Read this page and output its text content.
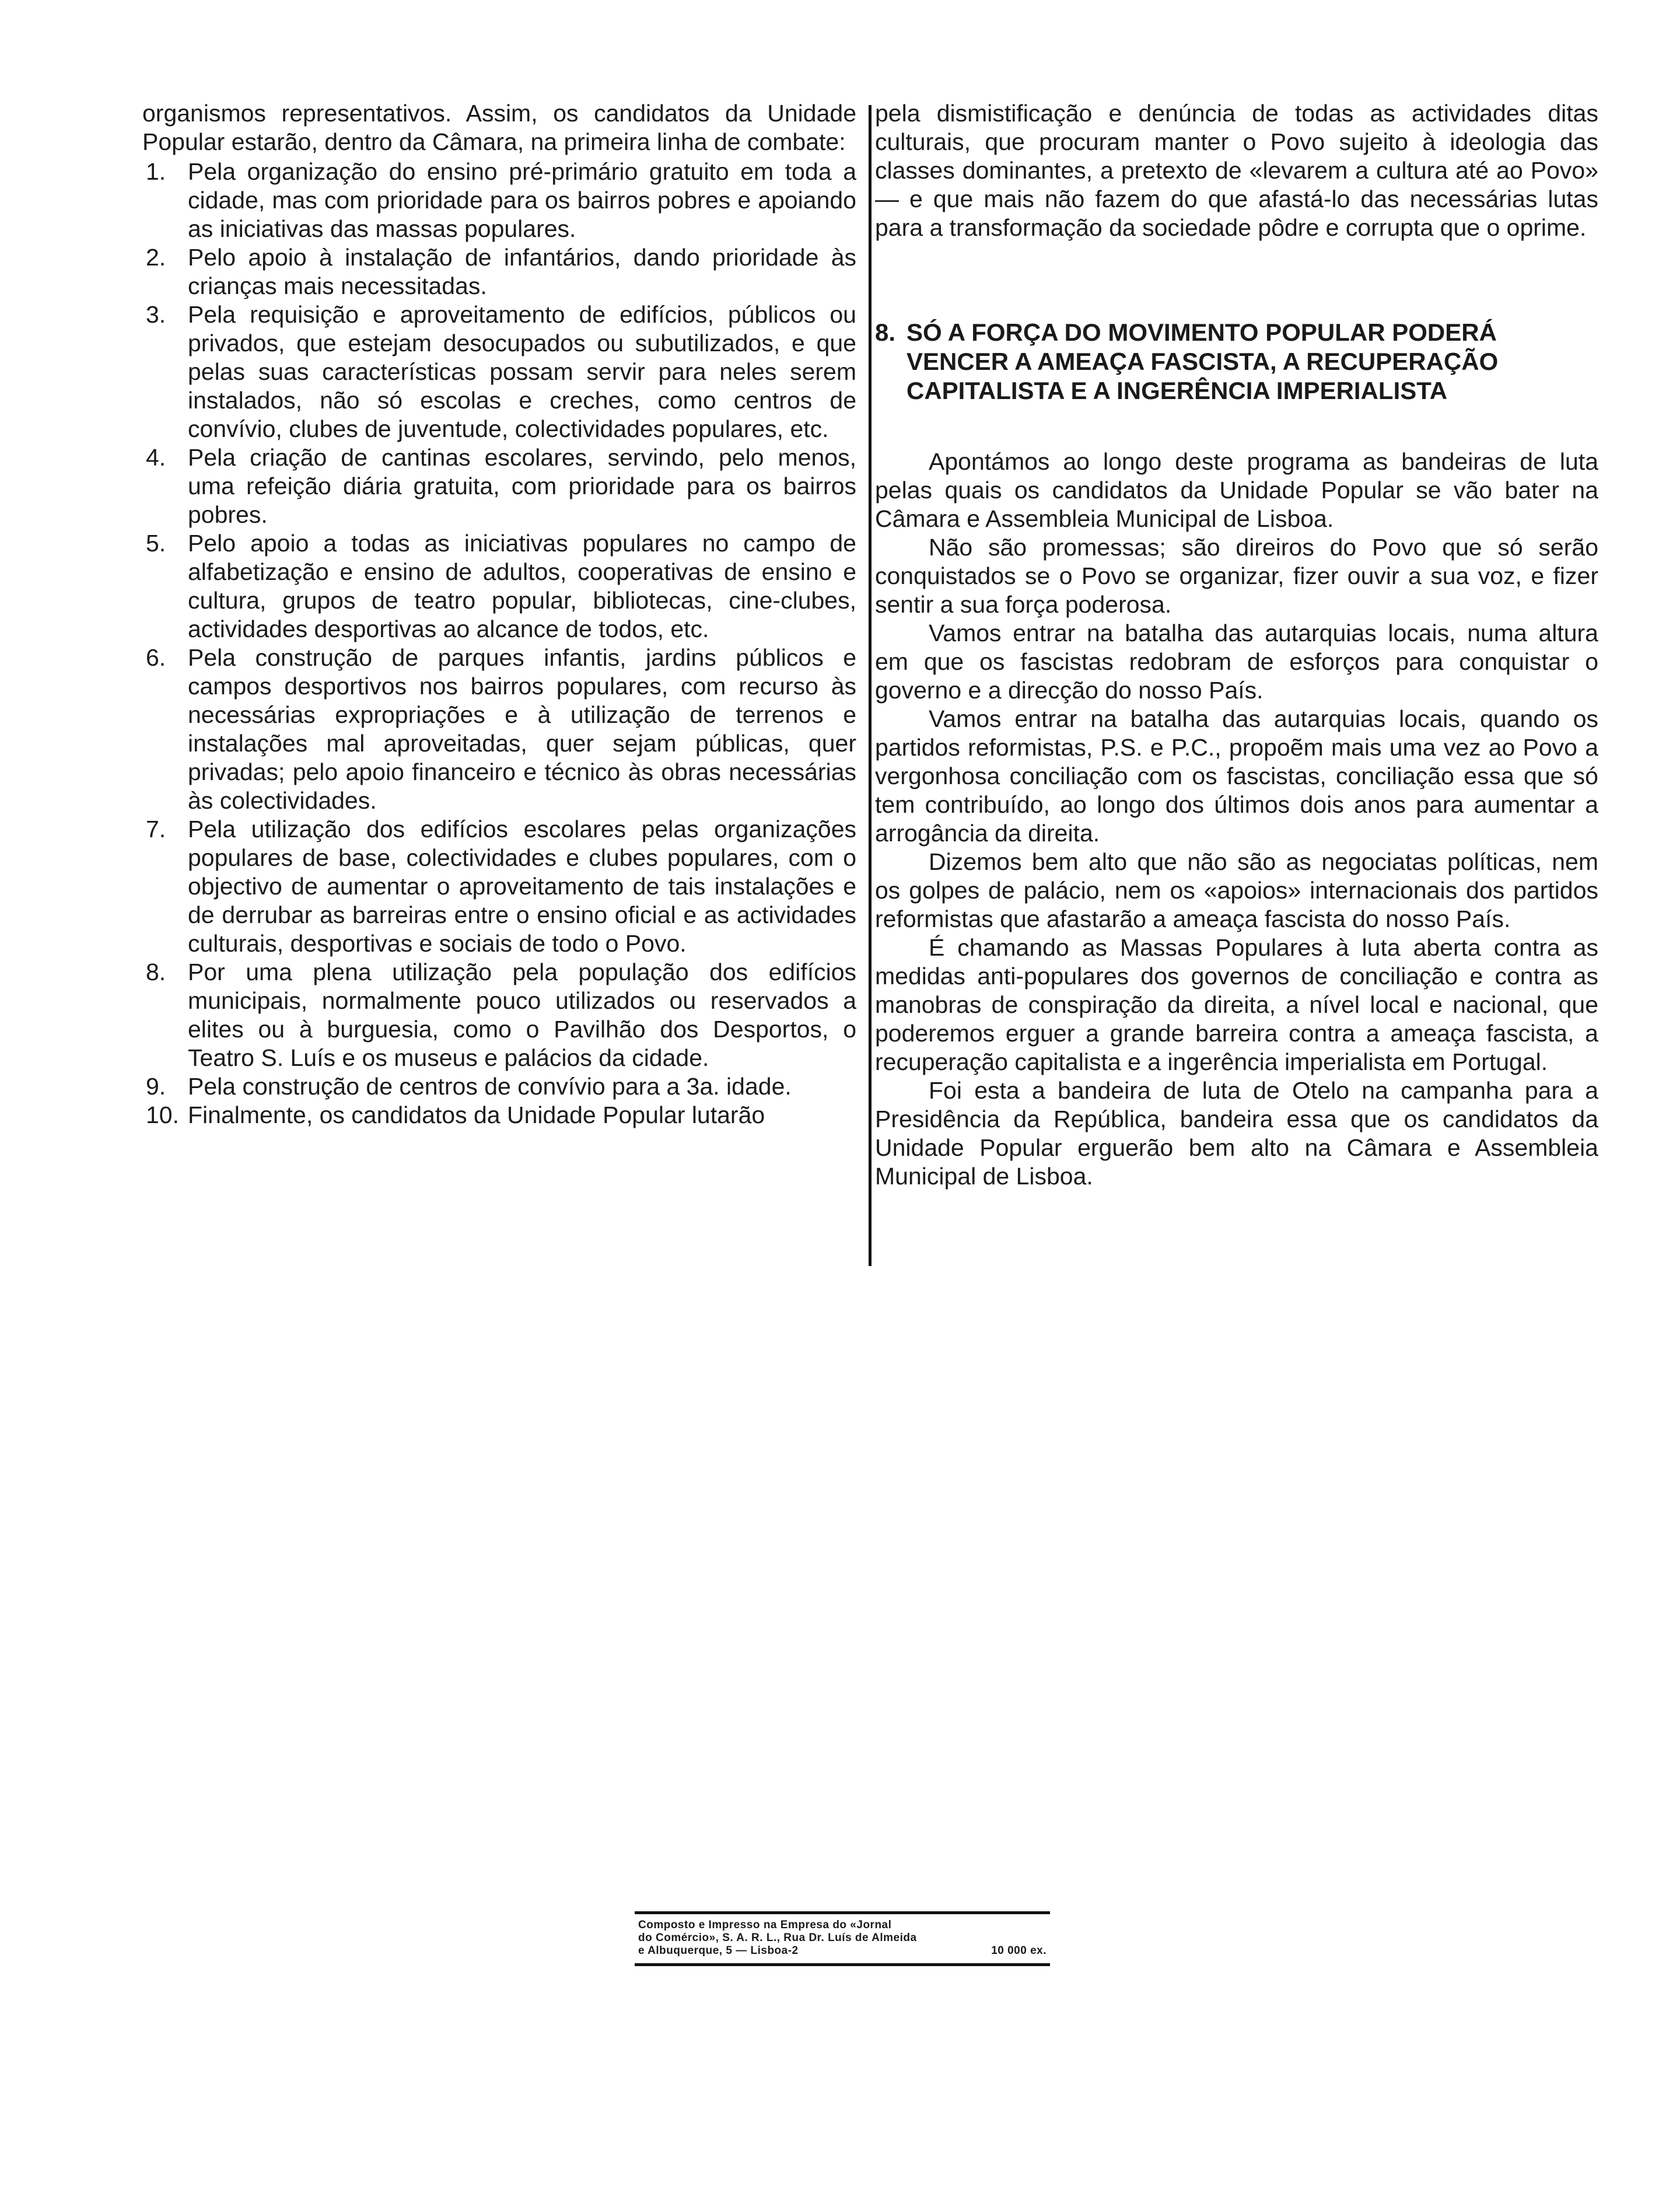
organismos representativos. Assim, os candidatos da Unidade Popular estarão, dentro da Câmara, na primeira linha de combate:

1. Pela organização do ensino pré-primário gratuito em toda a cidade, mas com prioridade para os bairros pobres e apoiando as iniciativas das massas populares.
2. Pelo apoio à instalação de infantários, dando prioridade às crianças mais necessitadas.
3. Pela requisição e aproveitamento de edifícios, públicos ou privados, que estejam desocupados ou subutilizados, e que pelas suas características possam servir para neles serem instalados, não só escolas e creches, como centros de convívio, clubes de juventude, colectividades populares, etc.
4. Pela criação de cantinas escolares, servindo, pelo menos, uma refeição diária gratuita, com prioridade para os bairros pobres.
5. Pelo apoio a todas as iniciativas populares no campo de alfabetização e ensino de adultos, cooperativas de ensino e cultura, grupos de teatro popular, bibliotecas, cine-clubes, actividades desportivas ao alcance de todos, etc.
6. Pela construção de parques infantis, jardins públicos e campos desportivos nos bairros populares, com recurso às necessárias expropriações e à utilização de terrenos e instalações mal aproveitadas, quer sejam públicas, quer privadas; pelo apoio financeiro e técnico às obras necessárias às colectividades.
7. Pela utilização dos edifícios escolares pelas organizações populares de base, colectividades e clubes populares, com o objectivo de aumentar o aproveitamento de tais instalações e de derrubar as barreiras entre o ensino oficial e as actividades culturais, desportivas e sociais de todo o Povo.
8. Por uma plena utilização pela população dos edifícios municipais, normalmente pouco utilizados ou reservados a elites ou à burguesia, como o Pavilhão dos Desportos, o Teatro S. Luís e os museus e palácios da cidade.
9. Pela construção de centros de convívio para a 3a. idade.
10. Finalmente, os candidatos da Unidade Popular lutarão

pela dismistificação e denúncia de todas as actividades ditas culturais, que procuram manter o Povo sujeito à ideologia das classes dominantes, a pretexto de «levarem a cultura até ao Povo» — e que mais não fazem do que afastá-lo das necessárias lutas para a transformação da sociedade pôdre e corrupta que o oprime.

8. SÓ A FORÇA DO MOVIMENTO POPULAR PODERÁ VENCER A AMEAÇA FASCISTA, A RECUPERAÇÃO CAPITALISTA E A INGERÊNCIA IMPERIALISTA

Apontámos ao longo deste programa as bandeiras de luta pelas quais os candidatos da Unidade Popular se vão bater na Câmara e Assembleia Municipal de Lisboa.

Não são promessas; são direiros do Povo que só serão conquistados se o Povo se organizar, fizer ouvir a sua voz, e fizer sentir a sua força poderosa.

Vamos entrar na batalha das autarquias locais, numa altura em que os fascistas redobram de esforços para conquistar o governo e a direcção do nosso País.

Vamos entrar na batalha das autarquias locais, quando os partidos reformistas, P.S. e P.C., propoẽm mais uma vez ao Povo a vergonhosa conciliação com os fascistas, conciliação essa que só tem contribuído, ao longo dos últimos dois anos para aumentar a arrogância da direita.

Dizemos bem alto que não são as negociatas políticas, nem os golpes de palácio, nem os «apoios» internacionais dos partidos reformistas que afastarão a ameaça fascista do nosso País.

É chamando as Massas Populares à luta aberta contra as medidas anti-populares dos governos de conciliação e contra as manobras de conspiração da direita, a nível local e nacional, que poderemos erguer a grande barreira contra a ameaça fascista, a recuperação capitalista e a ingerência imperialista em Portugal.

Foi esta a bandeira de luta de Otelo na campanha para a Presidência da República, bandeira essa que os candidatos da Unidade Popular erguerão bem alto na Câmara e Assembleia Municipal de Lisboa.

Composto e Impresso na Empresa do «Jornal
do Comércio», S. A. R. L., Rua Dr. Luís de Almeida
e Albuquerque, 5 — Lisboa-2	10 000 ex.
